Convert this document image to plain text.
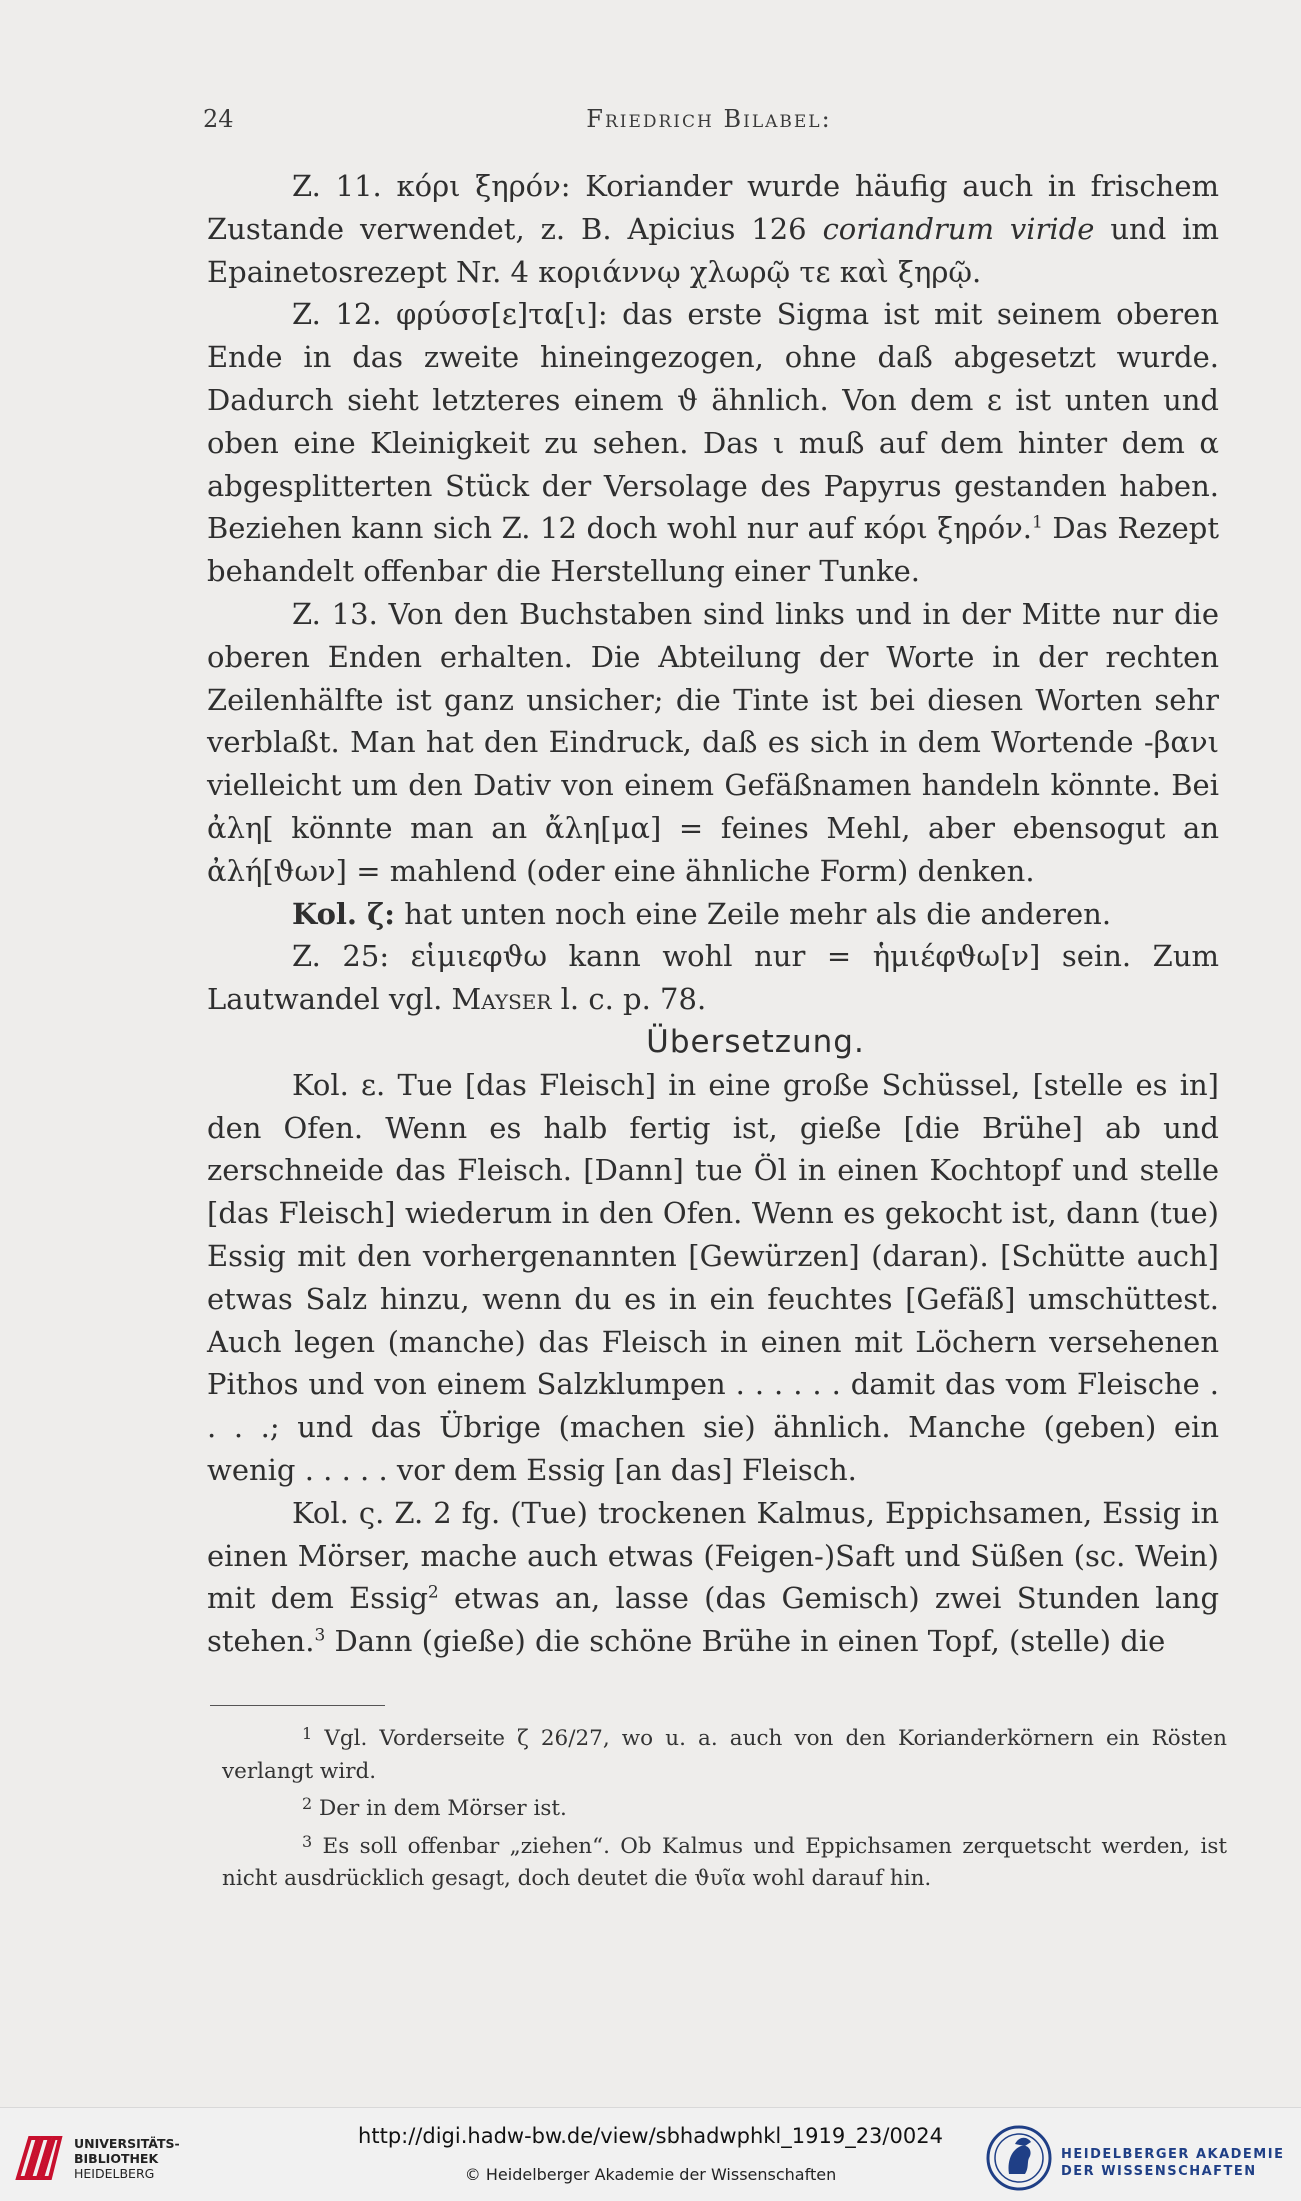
24	Friedrich Bilabel:

Z. 11. κόρι ξηρόν: Koriander wurde häufig auch in frischem Zustande verwendet, z. B. Apicius 126 coriandrum viride und im Epainetosrezept Nr. 4 κοριάννῳ χλωρῷ τε καὶ ξηρῷ.

Z. 12. φρύσσ[ε]τα[ι]: das erste Sigma ist mit seinem oberen Ende in das zweite hineingezogen, ohne daß abgesetzt wurde. Dadurch sieht letzteres einem ϑ ähnlich. Von dem ε ist unten und oben eine Kleinigkeit zu sehen. Das ι muß auf dem hinter dem α abgesplitterten Stück der Versolage des Papyrus gestanden haben. Beziehen kann sich Z. 12 doch wohl nur auf κόρι ξηρόν.$^1$ Das Rezept behandelt offenbar die Herstellung einer Tunke.

Z. 13. Von den Buchstaben sind links und in der Mitte nur die oberen Enden erhalten. Die Abteilung der Worte in der rechten Zeilenhälfte ist ganz unsicher; die Tinte ist bei diesen Worten sehr verblaßt. Man hat den Eindruck, daß es sich in dem Wortende -βανι vielleicht um den Dativ von einem Gefäßnamen handeln könnte. Bei ἀλη[ könnte man an ἄλη[μα] = feines Mehl, aber ebensogut an ἀλή[ϑων] = mahlend (oder eine ähnliche Form) denken.

Kol. ζ: hat unten noch eine Zeile mehr als die anderen.

Z. 25: εἱμιεφϑω kann wohl nur = ἡμιέφϑω[ν] sein. Zum Lautwandel vgl. Mayser l. c. p. 78.

Übersetzung.

Kol. ε. Tue [das Fleisch] in eine große Schüssel, [stelle es in] den Ofen. Wenn es halb fertig ist, gieße [die Brühe] ab und zerschneide das Fleisch. [Dann] tue Öl in einen Kochtopf und stelle [das Fleisch] wiederum in den Ofen. Wenn es gekocht ist, dann (tue) Essig mit den vorhergenannten [Gewürzen] (daran). [Schütte auch] etwas Salz hinzu, wenn du es in ein feuchtes [Gefäß] umschüttest. Auch legen (manche) das Fleisch in einen mit Löchern versehenen Pithos und von einem Salzklumpen . . . . . . damit das vom Fleische . . . .; und das Übrige (machen sie) ähnlich. Manche (geben) ein wenig . . . . . vor dem Essig [an das] Fleisch.

Kol. ς. Z. 2 fg. (Tue) trockenen Kalmus, Eppichsamen, Essig in einen Mörser, mache auch etwas (Feigen-)Saft und Süßen (sc. Wein) mit dem Essig$^2$ etwas an, lasse (das Gemisch) zwei Stunden lang stehen.$^3$ Dann (gieße) die schöne Brühe in einen Topf, (stelle) die

$^1$ Vgl. Vorderseite ζ 26/27, wo u. a. auch von den Korianderkörnern ein Rösten verlangt wird.

$^2$ Der in dem Mörser ist.

$^3$ Es soll offenbar „ziehen“. Ob Kalmus und Eppichsamen zerquetscht werden, ist nicht ausdrücklich gesagt, doch deutet die ϑυῖα wohl darauf hin.

UNIVERSITÄTS-
BIBLIOTHEK
HEIDELBERG
http://digi.hadw-bw.de/view/sbhadwphkl_1919_23/0024
© Heidelberger Akademie der Wissenschaften
HEIDELBERGER AKADEMIE
DER WISSENSCHAFTEN
